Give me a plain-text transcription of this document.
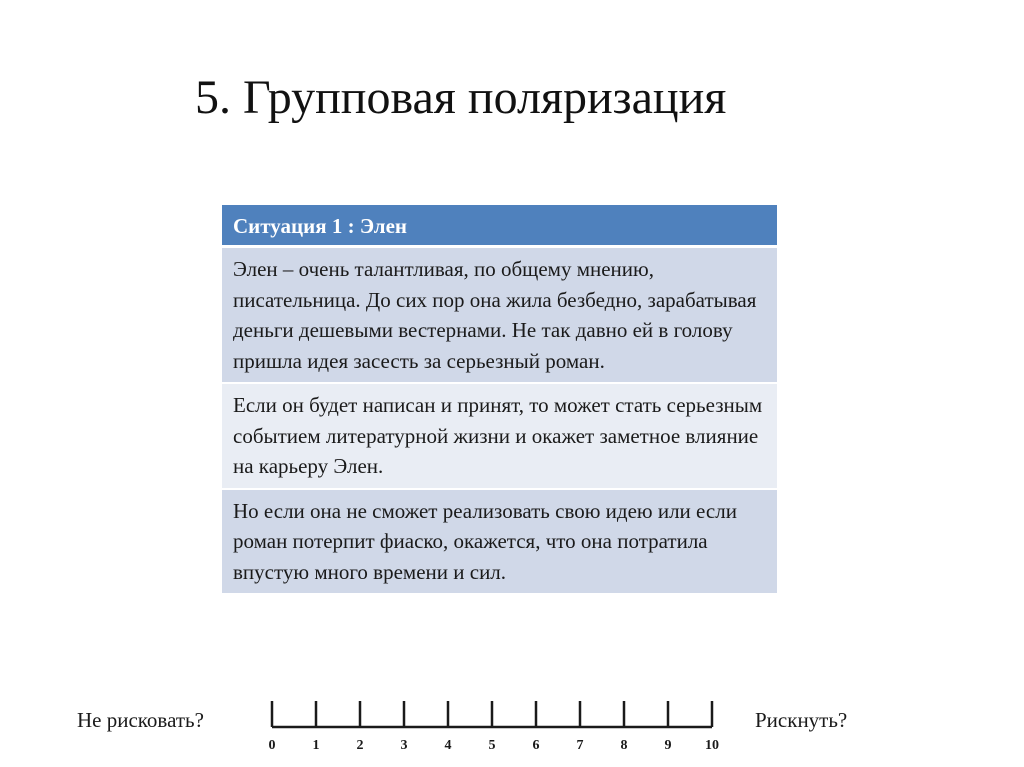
5. Групповая поляризация
Ситуация 1 : Элен
Элен – очень талантливая, по общему мнению, писательница. До сих пор она жила безбедно, зарабатывая деньги дешевыми вестернами. Не так давно ей в голову пришла идея засесть за серьезный роман.
Если он будет написан и принят, то может стать серьезным событием литературной жизни и окажет заметное влияние на карьеру Элен.
Но если она не сможет реализовать свою идею или если роман потерпит фиаско, окажется, что она потратила впустую много времени и сил.
Не рисковать?
0	1	2	3	4	5	6	7	8	9 10
Рискнуть?
